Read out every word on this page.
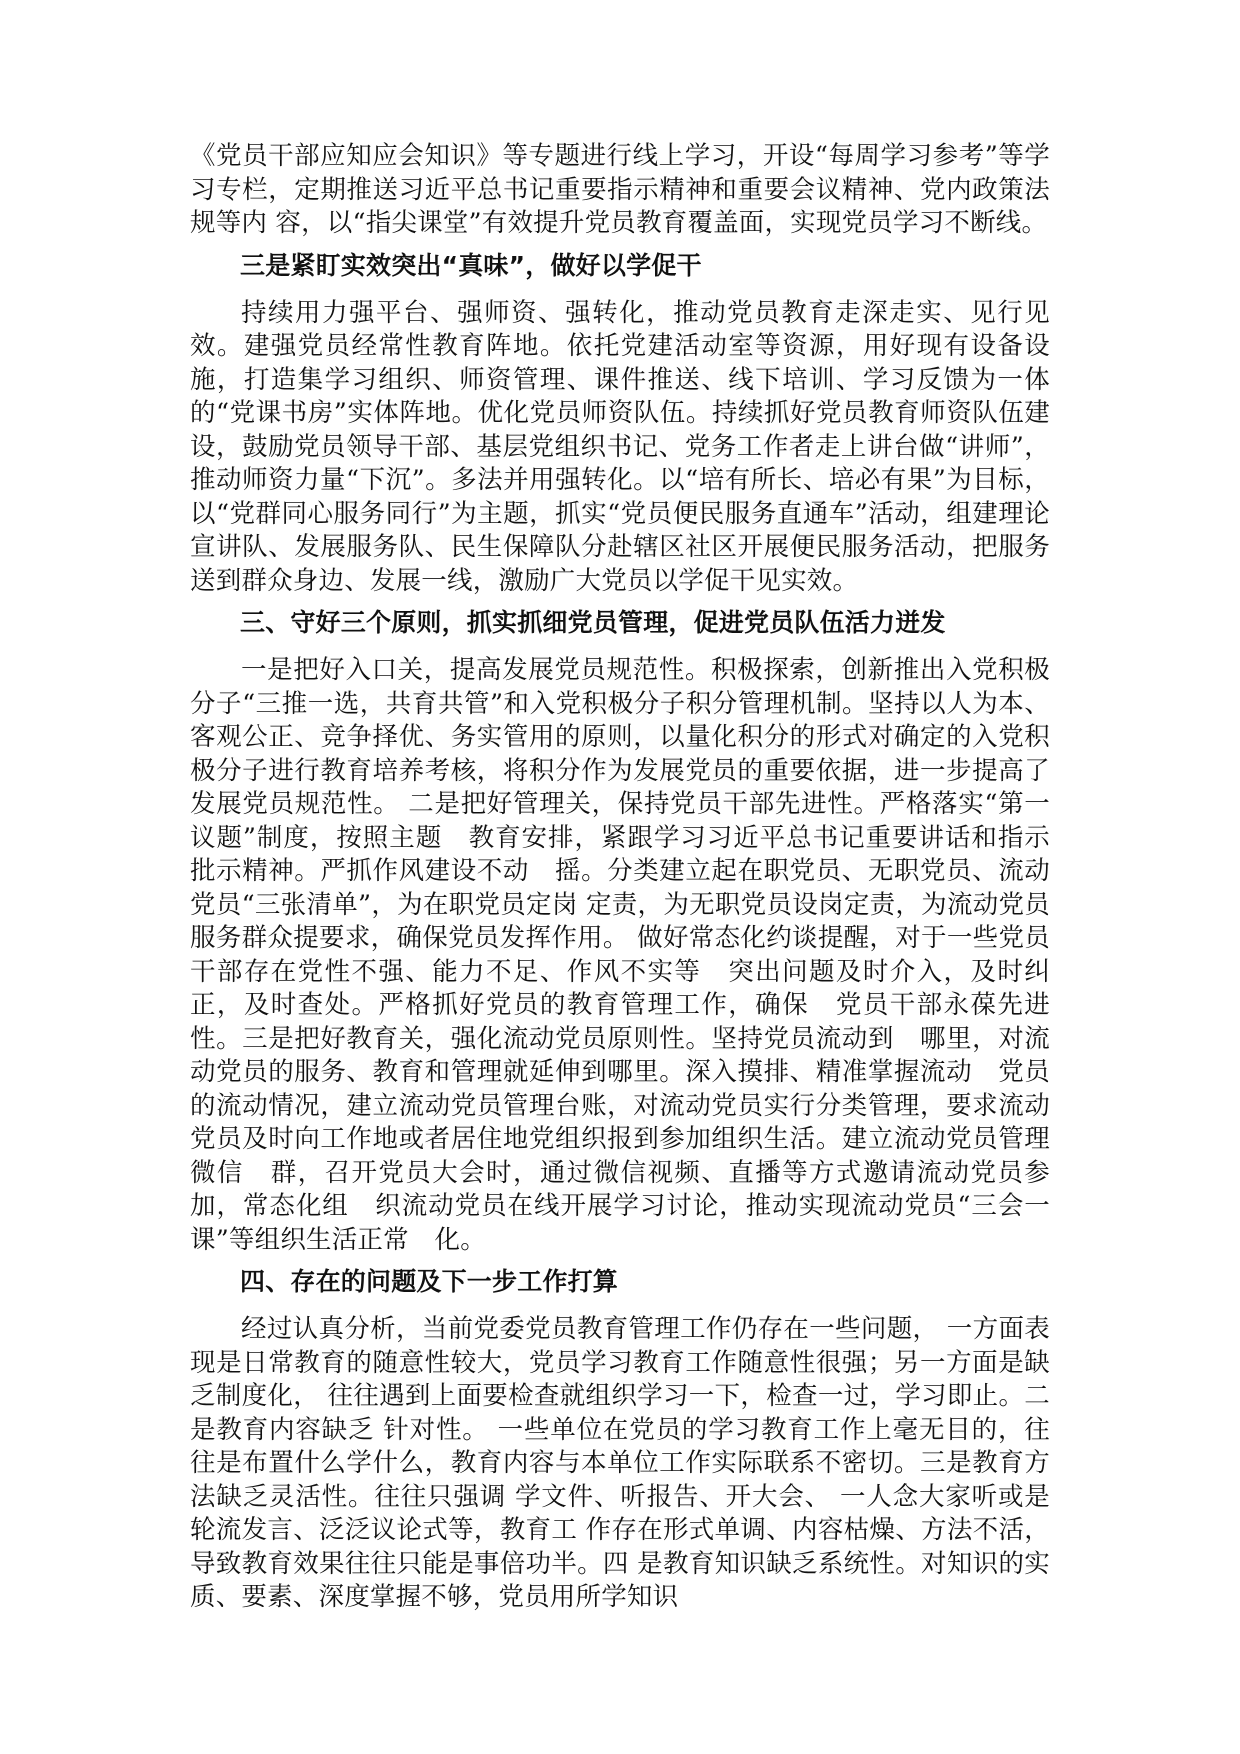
《党员干部应知应会知识》等专题进行线上学习，开设“每周学习参考”等学习专栏，定期推送习近平总书记重要指示精神和重要会议精神、党内政策法规等内 容，以“指尖课堂”有效提升党员教育覆盖面，实现党员学习不断线。

三是紧盯实效突出“真味”，做好以学促干

持续用力强平台、强师资、强转化，推动党员教育走深走实、见行见效。建强党员经常性教育阵地。依托党建活动室等资源，用好现有设备设施，打造集学习组织、师资管理、课件推送、线下培训、学习反馈为一体的“党课书房”实体阵地。优化党员师资队伍。持续抓好党员教育师资队伍建设，鼓励党员领导干部、基层党组织书记、党务工作者走上讲台做“讲师”，推动师资力量“下沉”。多法并用强转化。以“培有所长、培必有果”为目标，以“党群同心服务同行”为主题，抓实“党员便民服务直通车”活动，组建理论宣讲队、发展服务队、民生保障队分赴辖区社区开展便民服务活动，把服务送到群众身边、发展一线，激励广大党员以学促干见实效。

三、守好三个原则，抓实抓细党员管理，促进党员队伍活力迸发

一是把好入口关，提高发展党员规范性。积极探索，创新推出入党积极分子“三推一选，共育共管”和入党积极分子积分管理机制。坚持以人为本、客观公正、竞争择优、务实管用的原则，以量化积分的形式对确定的入党积极分子进行教育培养考核，将积分作为发展党员的重要依据，进一步提高了发展党员规范性。 二是把好管理关，保持党员干部先进性。严格落实“第一议题”制度，按照主题　教育安排，紧跟学习习近平总书记重要讲话和指示批示精神。严抓作风建设不动　摇。分类建立起在职党员、无职党员、流动党员“三张清单”，为在职党员定岗 定责，为无职党员设岗定责，为流动党员服务群众提要求，确保党员发挥作用。 做好常态化约谈提醒，对于一些党员干部存在党性不强、能力不足、作风不实等　突出问题及时介入，及时纠正，及时查处。严格抓好党员的教育管理工作，确保　党员干部永葆先进性。三是把好教育关，强化流动党员原则性。坚持党员流动到　哪里，对流动党员的服务、教育和管理就延伸到哪里。深入摸排、精准掌握流动　党员的流动情况，建立流动党员管理台账，对流动党员实行分类管理，要求流动　党员及时向工作地或者居住地党组织报到参加组织生活。建立流动党员管理微信　群，召开党员大会时，通过微信视频、直播等方式邀请流动党员参加，常态化组　织流动党员在线开展学习讨论，推动实现流动党员“三会一课”等组织生活正常　化。

四、存在的问题及下一步工作打算

经过认真分析，当前党委党员教育管理工作仍存在一些问题， 一方面表现是日常教育的随意性较大，党员学习教育工作随意性很强；另一方面是缺乏制度化， 往往遇到上面要检查就组织学习一下，检查一过，学习即止。二是教育内容缺乏 针对性。 一些单位在党员的学习教育工作上毫无目的，往往是布置什么学什么，教育内容与本单位工作实际联系不密切。三是教育方法缺乏灵活性。往往只强调 学文件、听报告、开大会、 一人念大家听或是轮流发言、泛泛议论式等，教育工 作存在形式单调、内容枯燥、方法不活，导致教育效果往往只能是事倍功半。四 是教育知识缺乏系统性。对知识的实质、要素、深度掌握不够，党员用所学知识
